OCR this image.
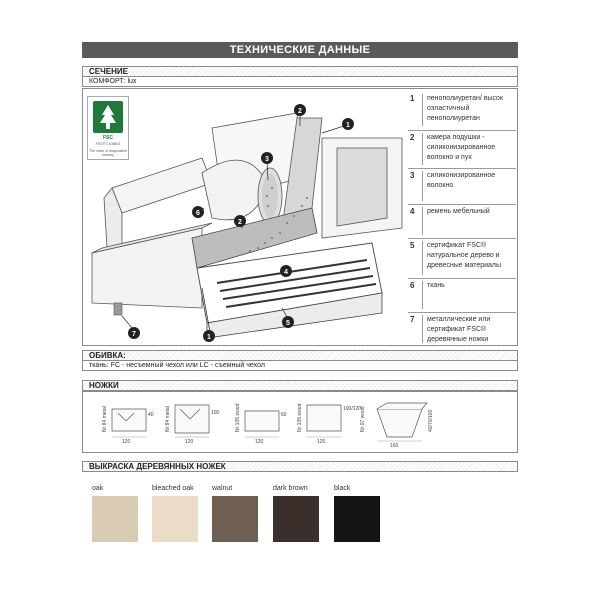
ТЕХНИЧЕСКИЕ ДАННЫЕ
СЕЧЕНИЕ
КОМФОРТ: lux
FSC
FSC® C106601
The mark of responsible forestry
2
3
6
2
4
5
1
7
1
1	пенополиуретан/ высок оэластичный пенополиуретан
2	камера подушки - силиконизированное волокно и пух
3	силиконизированное волокно
4	ремень мебельный
5	сертификат FSC® натуральное дерево и древесные материалы
6	ткань
7	металлические или сертификат FSC® деревянные ножки
ОБИВКА:
ткань: FC - несъемный чехол или LC - съемный чехол
НОЖКИ
Nr 84 metal
120
40 Nr 84 metal
120
100	Nr 105 wood
120
60 Nr 105 wood
120
100/120
Nr 07 wood
160
40/70/100
ВЫКРАСКА ДЕРЕВЯННЫХ НОЖЕК
oak	bleached oak	walnut	dark brown	black
